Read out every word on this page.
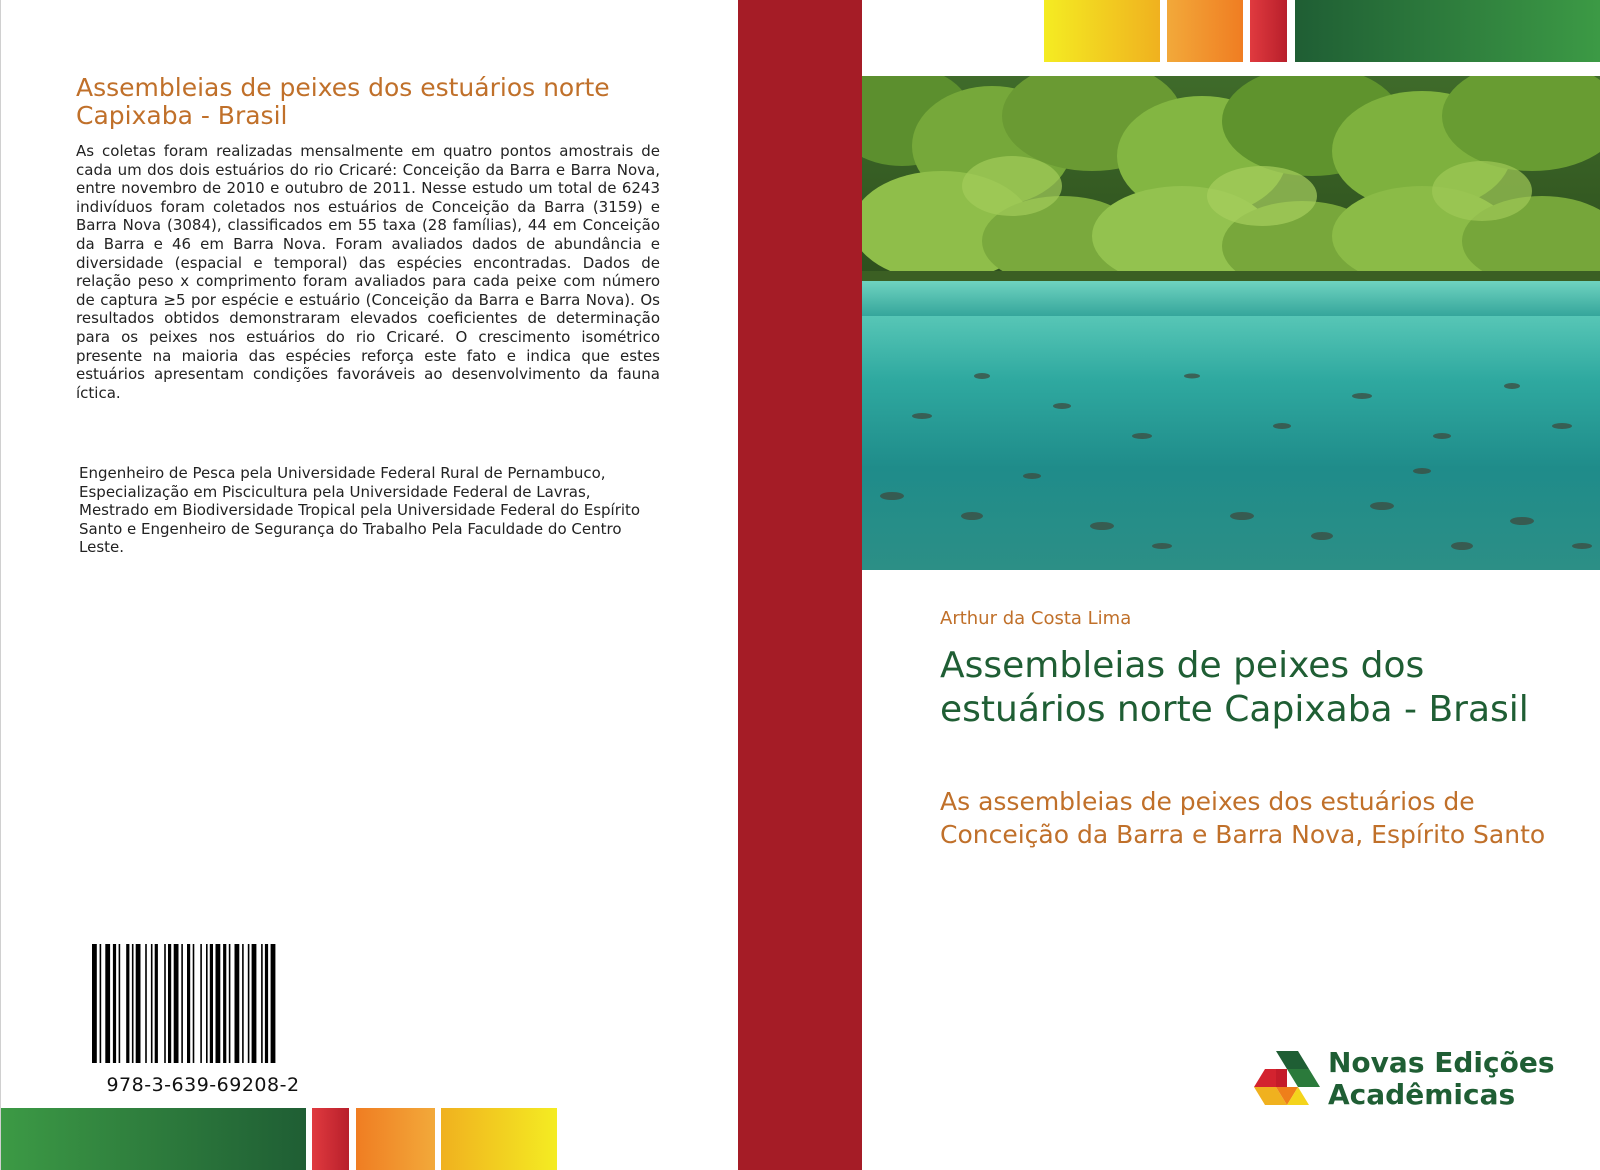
Assembleias de peixes dos estuários norte Capixaba - Brasil
As coletas foram realizadas mensalmente em quatro pontos amostrais de cada um dos dois estuários do rio Cricaré: Conceição da Barra e Barra Nova, entre novembro de 2010 e outubro de 2011. Nesse estudo um total de 6243 indivíduos foram coletados nos estuários de Conceição da Barra (3159) e Barra Nova (3084), classificados em 55 taxa (28 famílias), 44 em Conceição da Barra e 46 em Barra Nova. Foram avaliados dados de abundância e diversidade (espacial e temporal) das espécies encontradas. Dados de relação peso x comprimento foram avaliados para cada peixe com número de captura ≥5 por espécie e estuário (Conceição da Barra e Barra Nova). Os resultados obtidos demonstraram elevados coeficientes de determinação para os peixes nos estuários do rio Cricaré. O crescimento isométrico presente na maioria das espécies reforça este fato e indica que estes estuários apresentam condições favoráveis ao desenvolvimento da fauna íctica.
Engenheiro de Pesca pela Universidade Federal Rural de Pernambuco, Especialização em Piscicultura pela Universidade Federal de Lavras, Mestrado em Biodiversidade Tropical pela Universidade Federal do Espírito Santo e Engenheiro de Segurança do Trabalho Pela Faculdade do Centro Leste.
978-3-639-69208-2
Arthur da Costa Lima
Assembleias de peixes dos estuários norte Capixaba - Brasil
As assembleias de peixes dos estuários de Conceição da Barra e Barra Nova, Espírito Santo
Novas Edições
Acadêmicas
